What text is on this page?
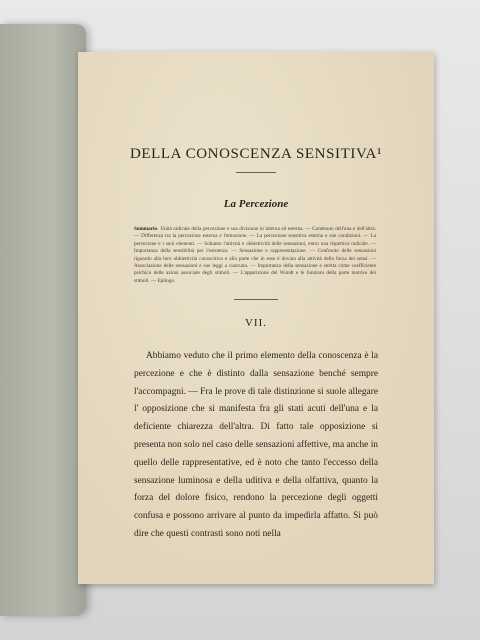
DELLA CONOSCENZA SENSITIVA¹
La Percezione
Sommario· Unità radicale della percezione e sua divisione in interna ed esterna. — Contenuto dell'una e dell'altra. — Differenza tra la percezione esterna e l'emozione. — La percezione sensitiva esterna e sue condizioni. — La percezione e i suoi elementi. — Soltanto l'attività e obbiettività delle sensazioni, entro una rispettiva radicale. — Importanza della sensibilità per l'esistenza. — Sensazione e rappresentazione. — Confronto delle sensazioni riguardo alla loro obbiettività conoscitiva e alla parte che in esse è dovuta alla attività della forza dei sensi. — Associazione delle sensazioni e sue leggi a ciascuno. — Importanza della sensazione e stretta come coefficiente psichico delle azioni associate degli stimoli. — L'apparizione del Wundt e le funzioni della parte motrice dei stimoli. — Epilogo.
VII.

Abbiamo veduto che il primo elemento della conoscenza è la percezione e che è distinto dalla sensazione benché sempre l'accompagni. — Fra le prove di tale distinzione si suole allegare l' opposizione che si manifesta fra gli stati acuti dell'una e la deficiente chiarezza dell'altra. Di fatto tale opposizione si presenta non solo nel caso delle sensazioni affettive, ma anche in quello delle rappresentative, ed è noto che tanto l'eccesso della sensazione luminosa e della uditiva e della olfattiva, quanto la forza del dolore fisico, rendono la percezione degli oggetti confusa e possono arrivare al punto da impedirla affatto. Si può dire che questi contrasti sono noti nella
